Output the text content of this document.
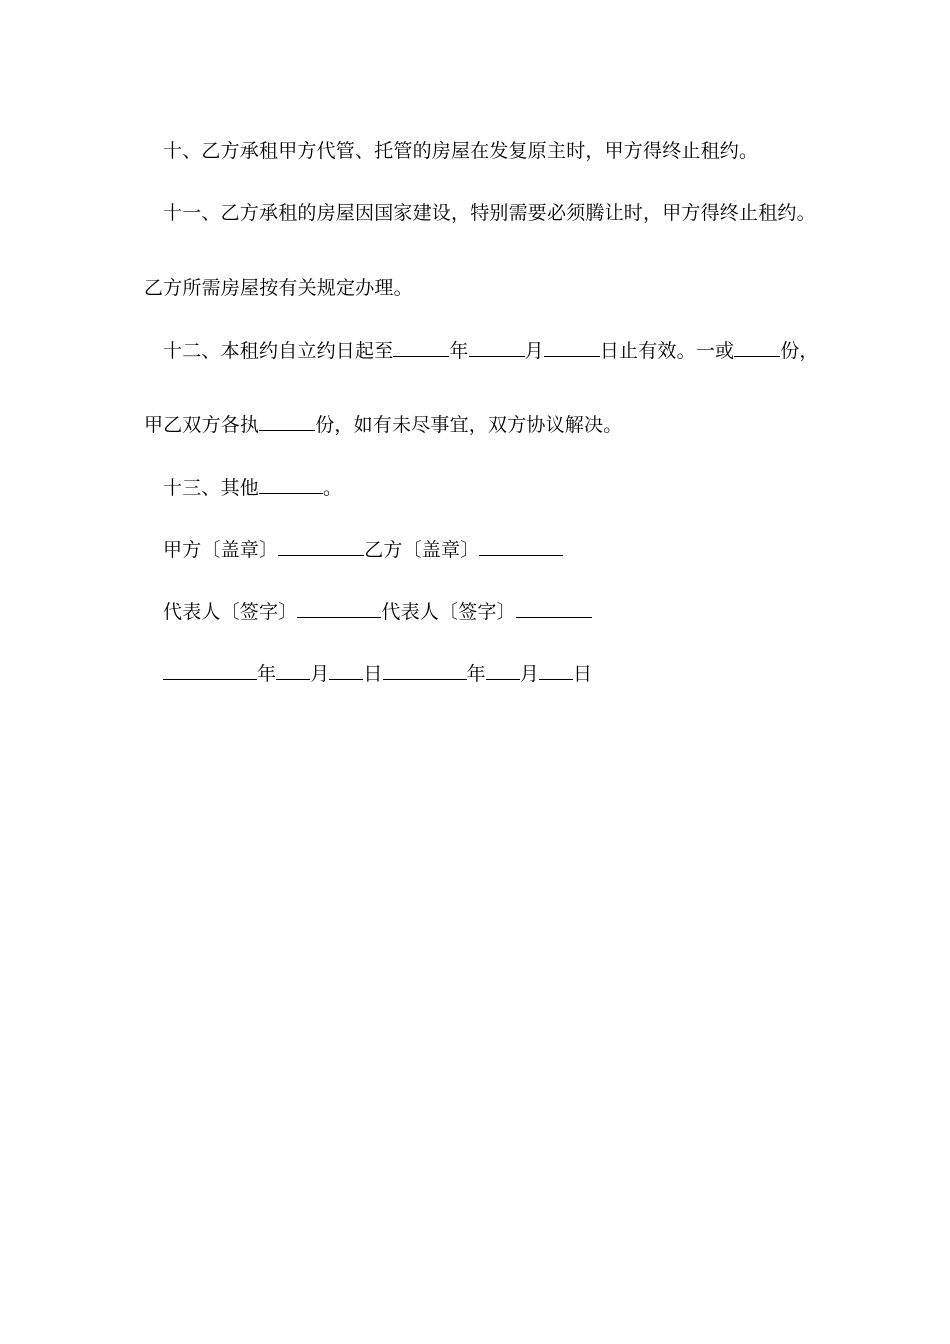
十、乙方承租甲方代管、托管的房屋在发复原主时，甲方得终止租约。
十一、乙方承租的房屋因国家建设，特别需要必须腾让时，甲方得终止租约。
乙方所需房屋按有关规定办理。
十二、本租约自立约日起至	年	月	日止有效。一或 份，
甲乙双方各执	份，如有未尽事宜，双方协议解决。
十三、其他	。
甲方〔盖章〕	乙方〔盖章〕
代表人〔签字〕	代表人〔签字〕
年 月 日	年 月 日
